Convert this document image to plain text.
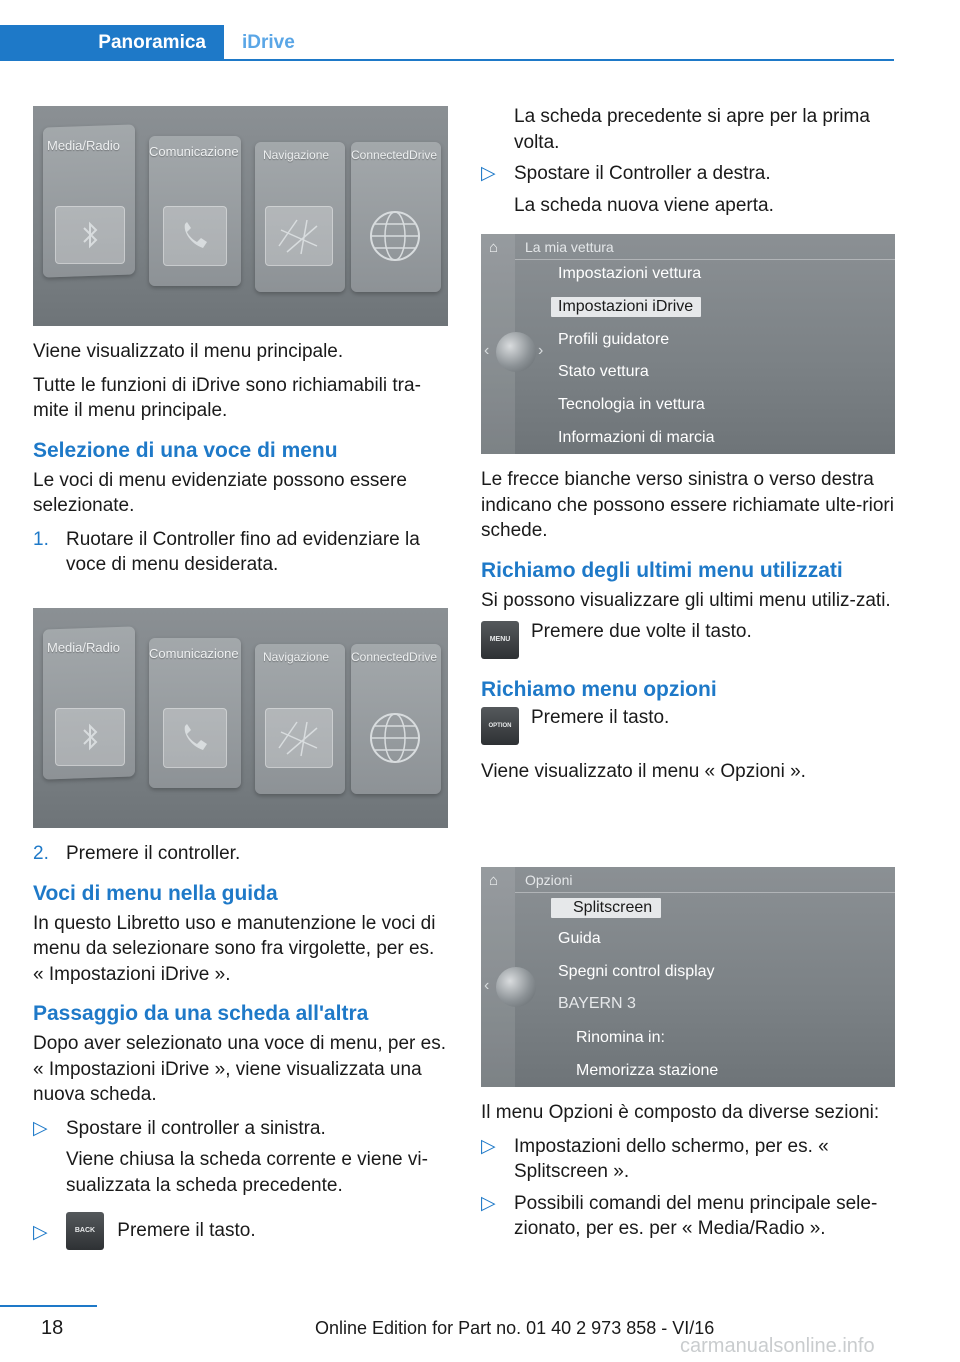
Panoramica	iDrive
Media/Radio Comunicazione Navigazione ConnectedDrive

Viene visualizzato il menu principale.

Tutte le funzioni di iDrive sono richiamabili tra-mite il menu principale.

Selezione di una voce di menu

Le voci di menu evidenziate possono essere selezionate.

1. Ruotare il Controller fino ad evidenziare la voce di menu desiderata.
Media/Radio Comunicazione Navigazione ConnectedDrive
2. Premere il controller.
Voci di menu nella guida

In questo Libretto uso e manutenzione le voci di menu da selezionare sono fra virgolette, per es. « Impostazioni iDrive ».

Passaggio da una scheda all'altra

Dopo aver selezionato una voce di menu, per es. « Impostazioni iDrive », viene visualizzata una nuova scheda.

▷ Spostare il controller a sinistra.
Viene chiusa la scheda corrente e viene vi-sualizzata la scheda precedente.
▷	BACK Premere il tasto.

La scheda precedente si apre per la prima volta.

▷ Spostare il Controller a destra.
La scheda nuova viene aperta.
⌂ La mia vettura
Impostazioni vettura
Impostazioni iDrive
Profili guidatore
Stato vettura
Tecnologia in vettura
Informazioni di marcia
‹	›

Le frecce bianche verso sinistra o verso destra indicano che possono essere richiamate ulte-riori schede.

Richiamo degli ultimi menu utilizzati

Si possono visualizzare gli ultimi menu utiliz-zati.

MENU	Premere due volte il tasto.
Richiamo menu opzioni
OPTION	Premere il tasto.

Viene visualizzato il menu « Opzioni ».

⌂ Opzioni
Splitscreen
Guida
Spegni control display
BAYERN 3
Rinomina in:
Memorizza stazione
‹

Il menu Opzioni è composto da diverse sezioni:

▷ Impostazioni dello schermo, per es. « Splitscreen ».
▷ Possibili comandi del menu principale sele-zionato, per es. per « Media/Radio ».
18	Online Edition for Part no. 01 40 2 973 858 - VI/16
carmanualsonline.info
